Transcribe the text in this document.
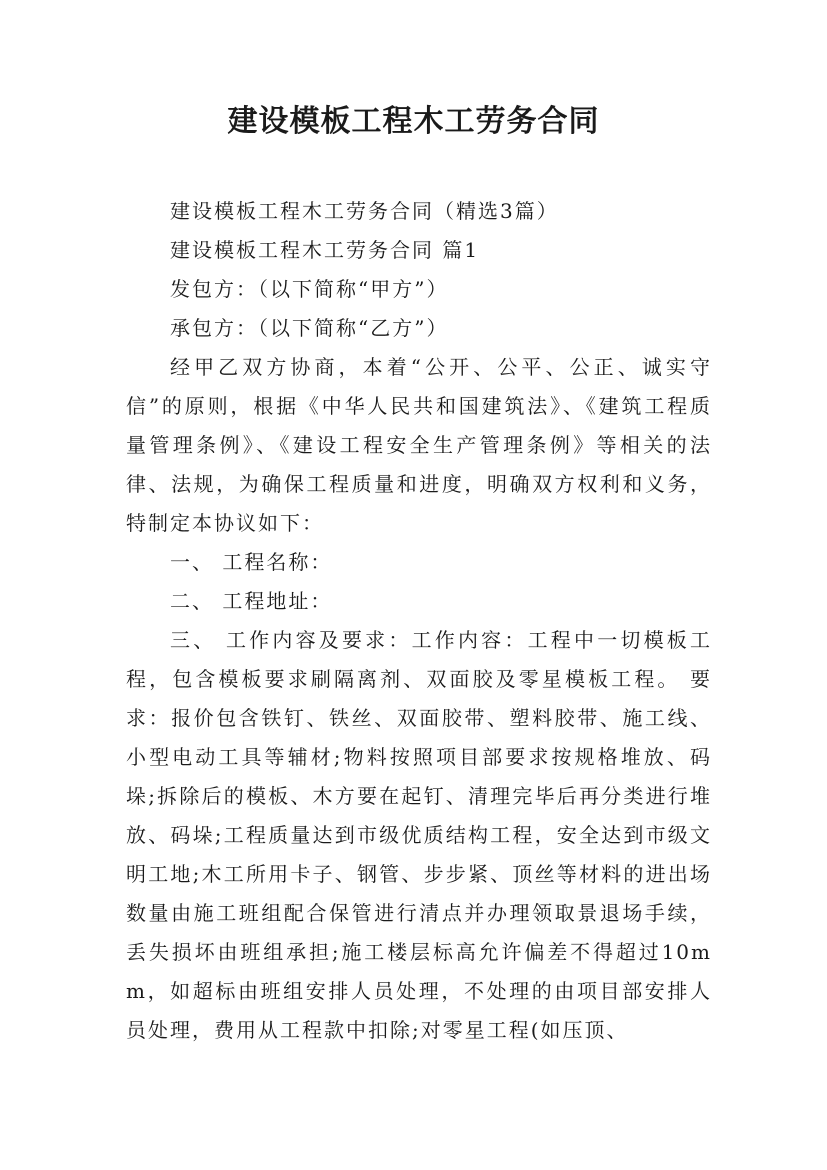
建设模板工程木工劳务合同

建设模板工程木工劳务合同（精选3篇）

建设模板工程木工劳务合同 篇1

发包方：（以下简称“甲方”）

承包方：（以下简称“乙方”）

经甲乙双方协商，本着“公开、公平、公正、诚实守信”的原则，根据《中华人民共和国建筑法》、《建筑工程质量管理条例》、《建设工程安全生产管理条例》等相关的法律、法规，为确保工程质量和进度，明确双方权利和义务，特制定本协议如下：

一、 工程名称：

二、 工程地址：

三、 工作内容及要求：工作内容：工程中一切模板工程，包含模板要求刷隔离剂、双面胶及零星模板工程。 要求：报价包含铁钉、铁丝、双面胶带、塑料胶带、施工线、小型电动工具等辅材;物料按照项目部要求按规格堆放、码垛;拆除后的模板、木方要在起钉、清理完毕后再分类进行堆放、码垛;工程质量达到市级优质结构工程，安全达到市级文明工地;木工所用卡子、钢管、步步紧、顶丝等材料的进出场数量由施工班组配合保管进行清点并办理领取景退场手续，丢失损坏由班组承担;施工楼层标高允许偏差不得超过10mm，如超标由班组安排人员处理，不处理的由项目部安排人员处理，费用从工程款中扣除;对零星工程(如压顶、
